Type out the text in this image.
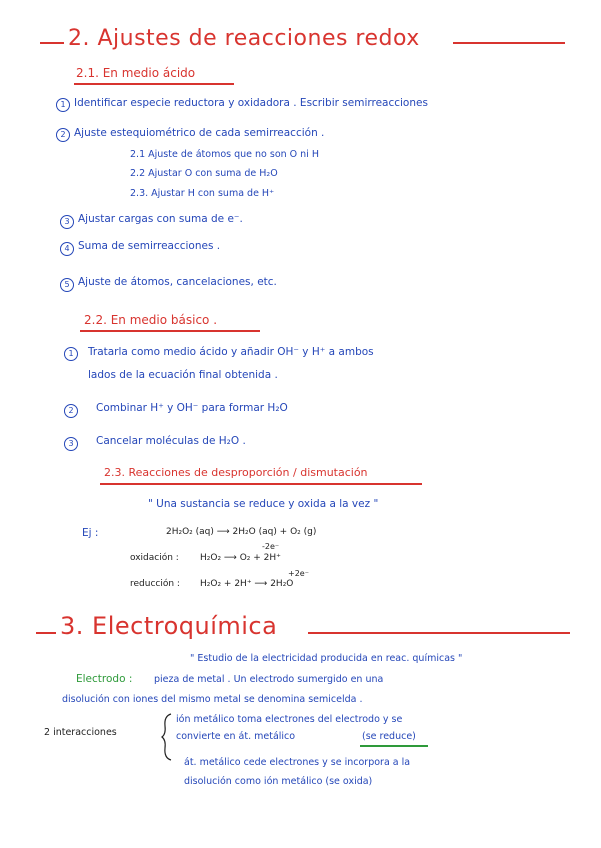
2. Ajustes de reacciones redox
2.1. En medio ácido
1 Identificar especie reductora y oxidadora . Escribir semirreacciones
2 Ajuste estequiométrico de cada semirreacción .
2.1 Ajuste de átomos que no son O ni H
2.2 Ajustar O con suma de H₂O
2.3. Ajustar H con suma de H⁺
3 Ajustar cargas con suma de e⁻.
4 Suma de semirreacciones .
5 Ajuste de átomos, cancelaciones, etc.
2.2. En medio básico .
1	Tratarla como medio ácido y añadir OH⁻ y H⁺ a ambos
lados de la ecuación final obtenida .
2	Combinar H⁺ y OH⁻ para formar H₂O
3	Cancelar moléculas de H₂O .
2.3. Reacciones de desproporción / dismutación
" Una sustancia se reduce y oxida a la vez "
Ej :	2H₂O₂ (aq) ⟶ 2H₂O (aq) + O₂ (g)
oxidación :
-2e⁻
H₂O₂ ⟶ O₂ + 2H⁺
reducción :
+2e⁻
H₂O₂ + 2H⁺ ⟶ 2H₂O
3. Electroquímica
" Estudio de la electricidad producida en reac. químicas "
Electrodo : pieza de metal . Un electrodo sumergido en una
disolución con iones del mismo metal se denomina semicelda .
2 interacciones
ión metálico toma electrones del electrodo y se
convierte en át. metálico	(se reduce)
át. metálico cede electrones y se incorpora a la
disolución como ión metálico (se oxida)
